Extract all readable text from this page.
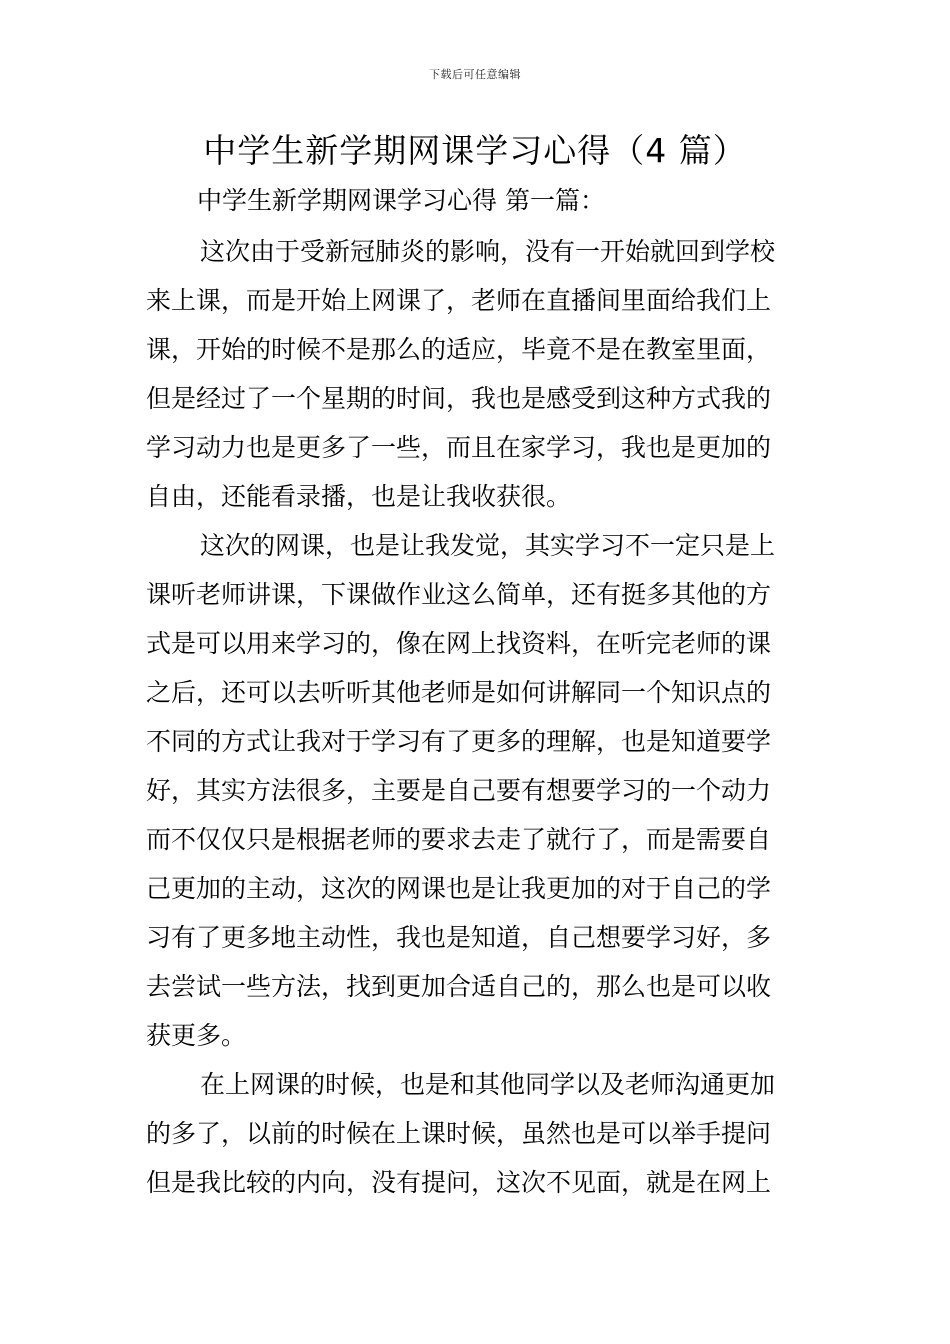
下载后可任意编辑
中学生新学期网课学习心得（4 篇）
中学生新学期网课学习心得 第一篇：

这次由于受新冠肺炎的影响，没有一开始就回到学校
来上课，而是开始上网课了，老师在直播间里面给我们上
课，开始的时候不是那么的适应，毕竟不是在教室里面，
但是经过了一个星期的时间，我也是感受到这种方式我的
学习动力也是更多了一些，而且在家学习，我也是更加的
自由，还能看录播，也是让我收获很。

这次的网课，也是让我发觉，其实学习不一定只是上
课听老师讲课，下课做作业这么简单，还有挺多其他的方
式是可以用来学习的，像在网上找资料，在听完老师的课
之后，还可以去听听其他老师是如何讲解同一个知识点的
不同的方式让我对于学习有了更多的理解，也是知道要学
好，其实方法很多，主要是自己要有想要学习的一个动力
而不仅仅只是根据老师的要求去走了就行了，而是需要自
己更加的主动，这次的网课也是让我更加的对于自己的学
习有了更多地主动性，我也是知道，自己想要学习好，多
去尝试一些方法，找到更加合适自己的，那么也是可以收
获更多。

在上网课的时候，也是和其他同学以及老师沟通更加
的多了，以前的时候在上课时候，虽然也是可以举手提问
但是我比较的内向，没有提问，这次不见面，就是在网上
